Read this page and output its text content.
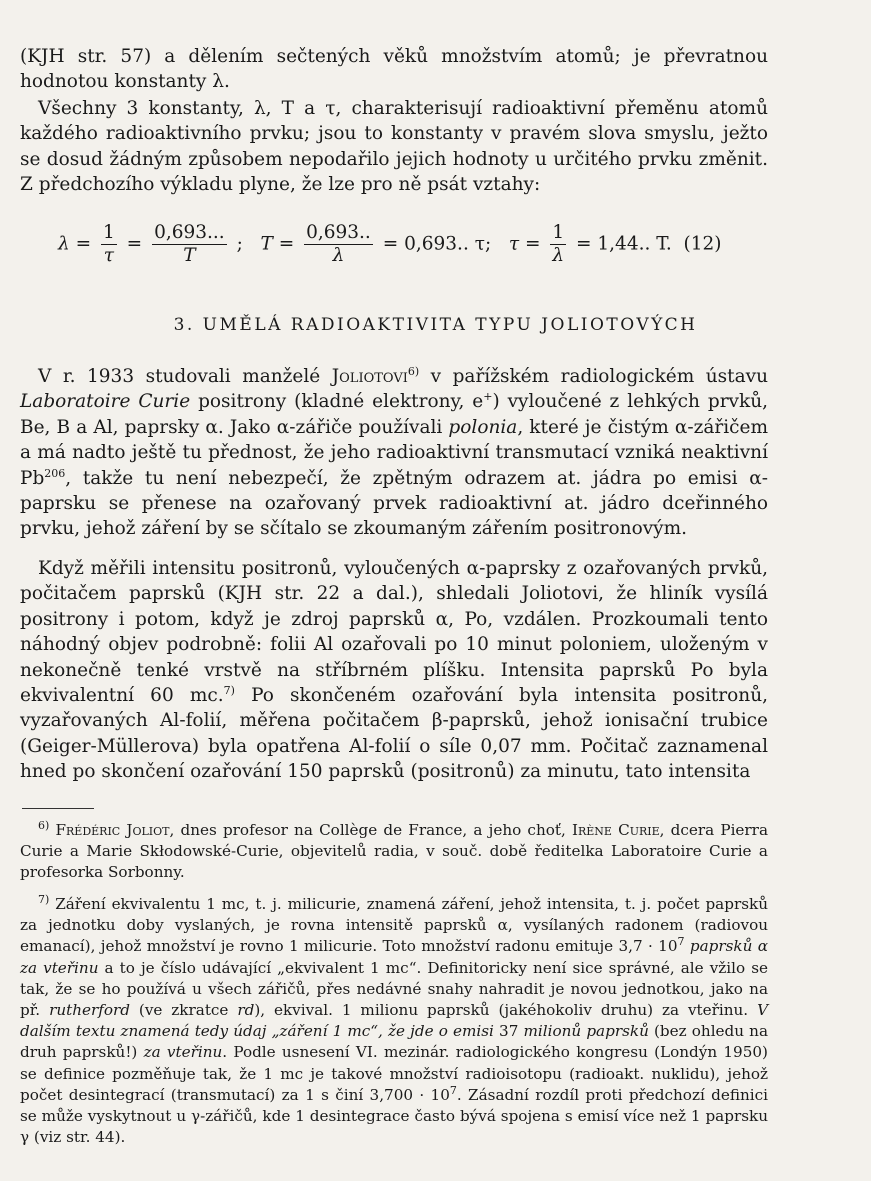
(KJH str. 57) a dělením sečtených věků množstvím atomů; je převratnou

hodnotou konstanty λ.

Všechny 3 konstanty, λ, T a τ, charakterisují radioaktivní přeměnu atomů každého radioaktivního prvku; jsou to konstanty v pravém slova smyslu, ježto se dosud žádným způsobem nepodařilo jejich hodnoty u určitého prvku změnit. Z předchozího výkladu plyne, že lze pro ně psát vztahy:

$\lambda = \frac{1}{\tau} = \frac{0,693...}{T}$ ; $T = \frac{0,693..}{\lambda} = 0,693$.. τ; $\tau = \frac{1}{\lambda} = 1,44$.. T. (12)
3. UMĚLÁ RADIOAKTIVITA TYPU JOLIOTOVÝCH

V r. 1933 studovali manželé Joliotovi$^{6)}$ v pařížském radiologickém ústavu Laboratoire Curie positrony (kladné elektrony, e+) vyloučené z lehkých prvků, Be, B a Al, paprsky α. Jako α-zářiče používali polonia, které je čistým α-zářičem a má nadto ještě tu přednost, že jeho radioaktivní transmutací vzniká neaktivní Pb$^{206}$, takže tu není nebezpečí, že zpětným odrazem at. jádra po emisi α-paprsku se přenese na ozařovaný prvek radioaktivní at. jádro dceřinného prvku, jehož záření by se sčítalo se zkoumaným zářením positronovým.

Když měřili intensitu positronů, vyloučených α-paprsky z ozařovaných prvků, počitačem paprsků (KJH str. 22 a dal.), shledali Joliotovi, že hliník vysílá positrony i potom, když je zdroj paprsků α, Po, vzdálen. Prozkoumali tento náhodný objev podrobně: folii Al ozařovali po 10 minut poloniem, uloženým v nekonečně tenké vrstvě na stříbrném plíšku. Intensita paprsků Po byla ekvivalentní 60 mc.$^{7)}$ Po skončeném ozařování byla intensita positronů, vyzařovaných Al-folií, měřena počitačem β-paprsků, jehož ionisační trubice (Geiger-Müllerova) byla opatřena Al-folií o síle 0,07 mm. Počitač zaznamenal hned po skončení ozařování 150 paprsků (positronů) za minutu, tato intensita

$^{6)}$ Frédéric Joliot, dnes profesor na Collège de France, a jeho choť, Irène Curie, dcera Pierra Curie a Marie Skłodowské-Curie, objevitelů radia, v souč. době ředitelka Laboratoire Curie a profesorka Sorbonny.

$^{7)}$ Záření ekvivalentu 1 mc, t. j. milicurie, znamená záření, jehož intensita, t. j. počet paprsků za jednotku doby vyslaných, je rovna intensitě paprsků α, vysílaných radonem (radiovou emanací), jehož množství je rovno 1 milicurie. Toto množství radonu emituje $3,7 \cdot 10^7$ paprsků α za vteřinu a to je číslo udávající „ekvivalent 1 mc“. Definitoricky není sice správné, ale vžilo se tak, že se ho používá u všech zářičů, přes nedávné snahy nahradit je novou jednotkou, jako na př. rutherford (ve zkratce rd), ekvival. 1 milionu paprsků (jakéhokoliv druhu) za vteřinu. V dalším textu znamená tedy údaj „záření 1 mc“, že jde o emisi 37 milionů paprsků (bez ohledu na druh paprsků!) za vteřinu. Podle usnesení VI. mezinár. radiologického kongresu (Londýn 1950) se definice pozměňuje tak, že 1 mc je takové množství radioisotopu (radioakt. nuklidu), jehož počet desintegrací (transmutací) za 1 s činí $3,700 \cdot 10^7$. Zásadní rozdíl proti předchozí definici se může vyskytnout u γ-zářičů, kde 1 desintegrace často bývá spojena s emisí více než 1 paprsku γ (viz str. 44).
